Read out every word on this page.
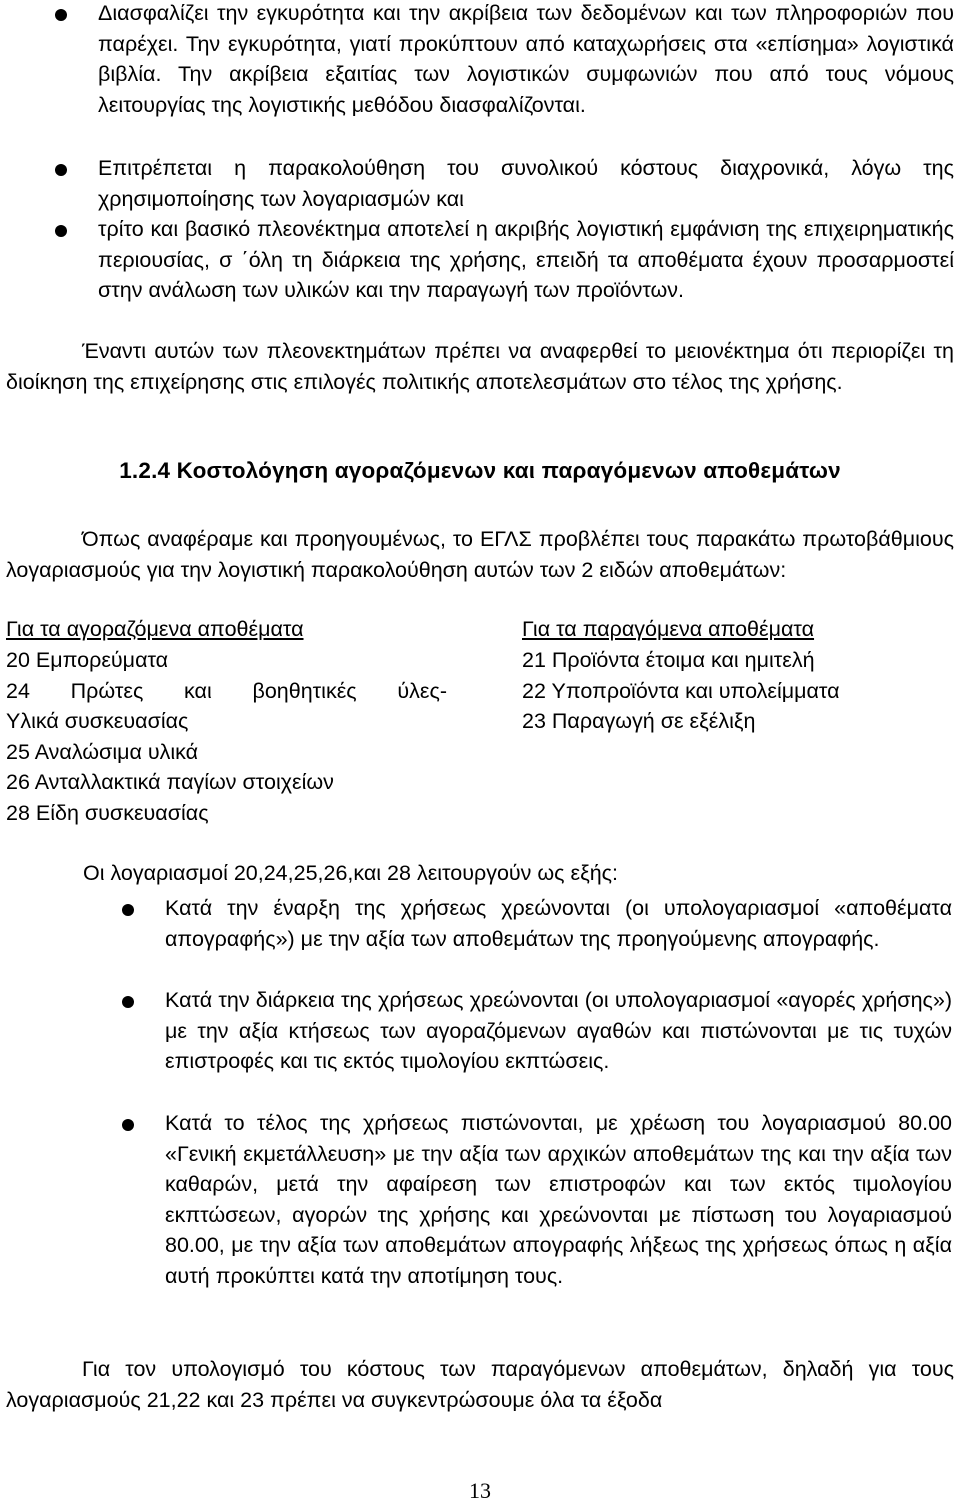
Διασφαλίζει την εγκυρότητα και την ακρίβεια των δεδομένων και των πληροφοριών που παρέχει. Την εγκυρότητα, γιατί προκύπτουν από καταχωρήσεις στα «επίσημα» λογιστικά βιβλία. Την ακρίβεια εξαιτίας των λογιστικών συμφωνιών που από τους νόμους λειτουργίας της λογιστικής μεθόδου διασφαλίζονται.
Επιτρέπεται η παρακολούθηση του συνολικού κόστους διαχρονικά, λόγω της χρησιμοποίησης των λογαριασμών και
τρίτο και βασικό πλεονέκτημα αποτελεί η ακριβής λογιστική εμφάνιση της επιχειρηματικής περιουσίας, σ ΄όλη τη διάρκεια της χρήσης, επειδή τα αποθέματα έχουν προσαρμοστεί στην ανάλωση των υλικών και την παραγωγή των προϊόντων.
Έναντι αυτών των πλεονεκτημάτων πρέπει να αναφερθεί το μειονέκτημα ότι περιορίζει τη διοίκηση της επιχείρησης στις επιλογές πολιτικής αποτελεσμάτων στο τέλος της χρήσης.
1.2.4 Κοστολόγηση αγοραζόμενων και παραγόμενων αποθεμάτων
Όπως αναφέραμε και προηγουμένως, το ΕΓΛΣ προβλέπει τους παρακάτω πρωτοβάθμιους λογαριασμούς για την λογιστική παρακολούθηση αυτών των 2 ειδών αποθεμάτων:
Για τα αγοραζόμενα αποθέματα	Για τα παραγόμενα αποθέματα
20 Εμπορεύματα
24 Πρώτες και βοηθητικές ύλες-
Υλικά συσκευασίας
25 Αναλώσιμα υλικά
26 Ανταλλακτικά παγίων στοιχείων
28 Είδη συσκευασίας
21 Προϊόντα έτοιμα και ημιτελή
22 Υποπροϊόντα και υπολείμματα
23 Παραγωγή σε εξέλιξη
Οι λογαριασμοί 20,24,25,26,και 28 λειτουργούν ως εξής:
Κατά την έναρξη της χρήσεως χρεώνονται (οι υπολογαριασμοί «αποθέματα απογραφής») με την αξία των αποθεμάτων της προηγούμενης απογραφής.
Κατά την διάρκεια της χρήσεως χρεώνονται (οι υπολογαριασμοί «αγορές χρήσης») με την αξία κτήσεως των αγοραζόμενων αγαθών και πιστώνονται με τις τυχών επιστροφές και τις εκτός τιμολογίου εκπτώσεις.
Κατά το τέλος της χρήσεως πιστώνονται, με χρέωση του λογαριασμού 80.00 «Γενική εκμετάλλευση» με την αξία των αρχικών αποθεμάτων της και την αξία των καθαρών, μετά την αφαίρεση των επιστροφών και των εκτός τιμολογίου εκπτώσεων, αγορών της χρήσης και χρεώνονται με πίστωση του λογαριασμού 80.00, με την αξία των αποθεμάτων απογραφής λήξεως της χρήσεως όπως η αξία αυτή προκύπτει κατά την αποτίμηση τους.
Για τον υπολογισμό του κόστους των παραγόμενων αποθεμάτων, δηλαδή για τους λογαριασμούς 21,22 και 23 πρέπει να συγκεντρώσουμε όλα τα έξοδα
13
